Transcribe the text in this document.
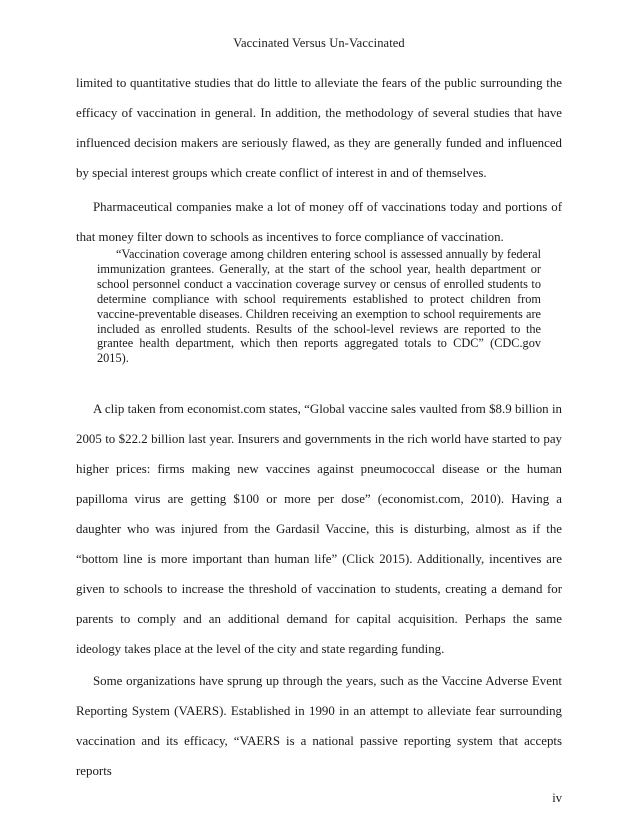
Vaccinated Versus Un-Vaccinated

limited to quantitative studies that do little to alleviate the fears of the public surrounding the efficacy of vaccination in general. In addition, the methodology of several studies that have influenced decision makers are seriously flawed, as they are generally funded and influenced by special interest groups which create conflict of interest in and of themselves.

Pharmaceutical companies make a lot of money off of vaccinations today and portions of that money filter down to schools as incentives to force compliance of vaccination.

“Vaccination coverage among children entering school is assessed annually by federal immunization grantees. Generally, at the start of the school year, health department or school personnel conduct a vaccination coverage survey or census of enrolled students to determine compliance with school requirements established to protect children from vaccine-preventable diseases. Children receiving an exemption to school requirements are included as enrolled students. Results of the school-level reviews are reported to the grantee health department, which then reports aggregated totals to CDC” (CDC.gov 2015).

A clip taken from economist.com states, “Global vaccine sales vaulted from $8.9 billion in 2005 to $22.2 billion last year. Insurers and governments in the rich world have started to pay higher prices: firms making new vaccines against pneumococcal disease or the human papilloma virus are getting $100 or more per dose” (economist.com, 2010). Having a daughter who was injured from the Gardasil Vaccine, this is disturbing, almost as if the “bottom line is more important than human life” (Click 2015). Additionally, incentives are given to schools to increase the threshold of vaccination to students, creating a demand for parents to comply and an additional demand for capital acquisition. Perhaps the same ideology takes place at the level of the city and state regarding funding.

Some organizations have sprung up through the years, such as the Vaccine Adverse Event Reporting System (VAERS). Established in 1990 in an attempt to alleviate fear surrounding vaccination and its efficacy, “VAERS is a national passive reporting system that accepts reports

iv
